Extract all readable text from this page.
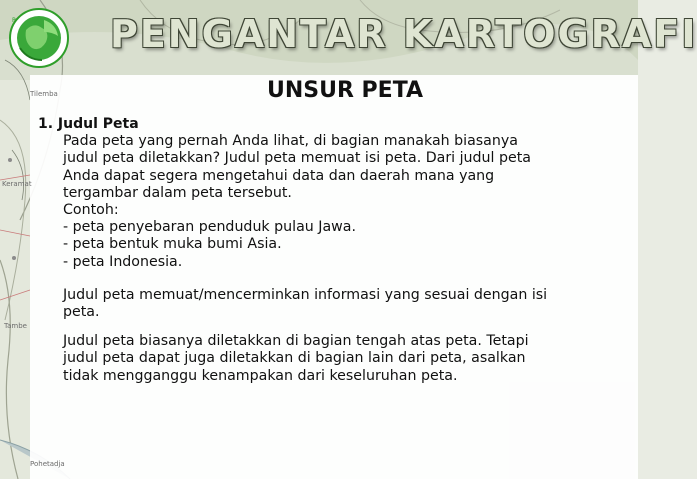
Tilemba
Keramat
Tambe
Pohetadja
R PENGANTAR KARTOGRAFI
UNSUR PETA
1. Judul Peta
Pada peta yang pernah Anda lihat, di bagian manakah biasanya
judul peta diletakkan? Judul peta memuat isi peta. Dari judul peta
Anda dapat segera mengetahui data dan daerah mana yang
tergambar dalam peta tersebut.
Contoh:
- peta penyebaran penduduk pulau Jawa.
- peta bentuk muka bumi Asia.
- peta Indonesia.
Judul peta memuat/mencerminkan informasi yang sesuai dengan isi
peta.
Judul peta biasanya diletakkan di bagian tengah atas peta. Tetapi
judul peta dapat juga diletakkan di bagian lain dari peta, asalkan
tidak mengganggu kenampakan dari keseluruhan peta.
